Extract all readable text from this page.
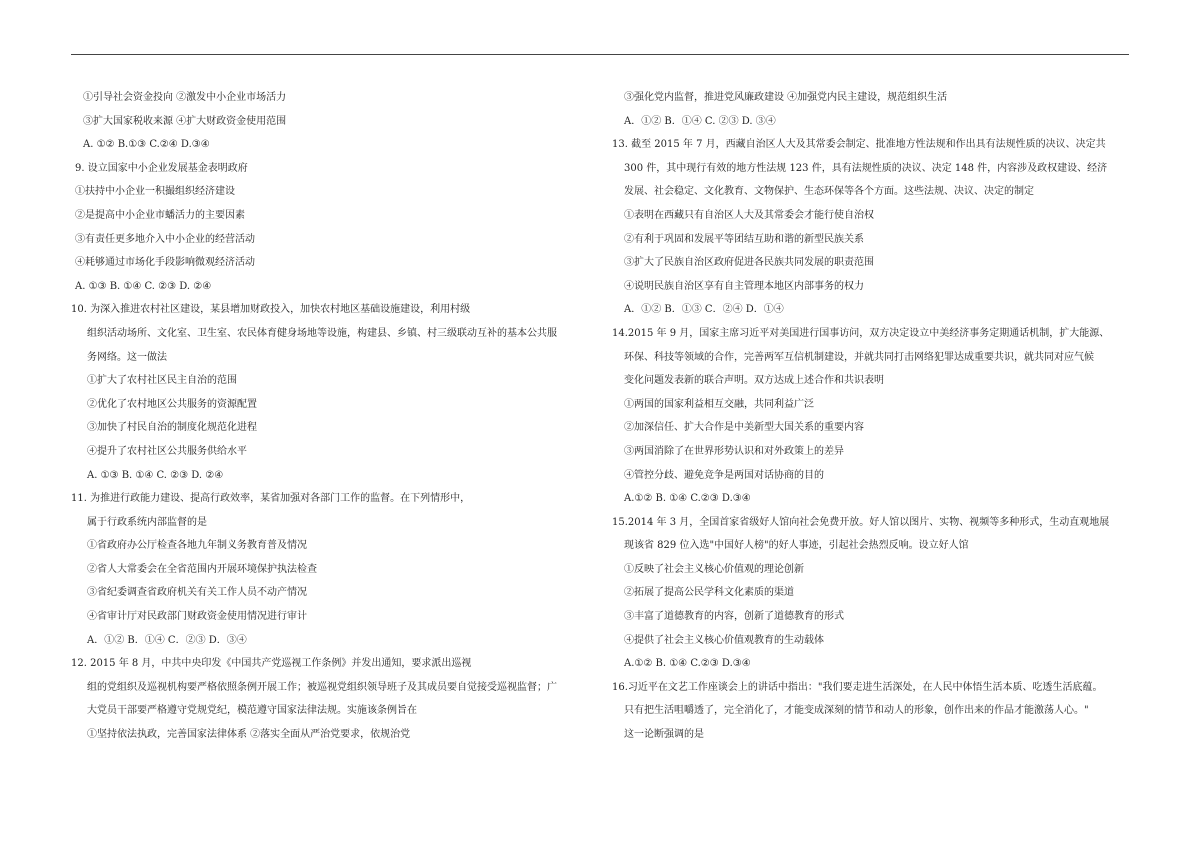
①引导社会资金投向 ②激发中小企业市场活力
③扩大国家税收来源 ④扩大财政资金使用范围
A. ①② B.①③ C.②④ D.③④
9. 设立国家中小企业发展基金表明政府
①扶持中小企业一积撮组织经济建设
②是提高中小企业市蟠活力的主要因素
③有责任更多地介入中小企业的经营活动
④耗够通过市场化手段影响微观经济活动
A. ①③ B. ①④ C. ②③ D. ②④
10. 为深入推进农村社区建设，某县增加财政投入，加快农村地区基础设施建设，利用村级
组织活动场所、文化室、卫生室、农民体育健身场地等设施，构建县、乡镇、村三级联动互补的基本公共服
务网络。这一做法
①扩大了农村社区民主自治的范围
②优化了农村地区公共服务的资源配置
③加快了村民自治的制度化规范化进程
④提升了农村社区公共服务供给水平
A. ①③ B. ①④ C. ②③ D. ②④
11. 为推进行政能力建设、提高行政效率，某省加强对各部门工作的监督。在下列情形中，
属于行政系统内部监督的是
①省政府办公厅检查各地九年制义务教育普及情况
②省人大常委会在全省范围内开展环境保护执法检查
③省纪委调查省政府机关有关工作人员不动产情况
④省审计厅对民政部门财政资金使用情况进行审计
A．①② B．①④ C．②③ D．③④
12. 2015 年 8 月，中共中央印发《中国共产党巡视工作条例》并发出通知，要求派出巡视
组的党组织及巡视机构要严格依照条例开展工作；被巡视党组织领导班子及其成员要自觉接受巡视监督；广
大党员干部要严格遵守党规党纪，模范遵守国家法律法规。实施该条例旨在
①坚持依法执政，完善国家法律体系 ②落实全面从严治党要求，依规治党
③强化党内监督，推进党风廉政建设 ④加强党内民主建设，规范组织生活
A．①② B．①④ C. ②③ D. ③④
13. 截至 2015 年 7 月，西藏自治区人大及其常委会制定、批准地方性法规和作出具有法规性质的决议、决定共
300 件，其中现行有效的地方性法规 123 件，具有法规性质的决议、决定 148 件，内容涉及政权建设、经济
发展、社会稳定、文化教育、文物保护、生态环保等各个方面。这些法规、决议、决定的制定
①表明在西藏只有自治区人大及其常委会才能行使自治权
②有利于巩固和发展平等团结互助和谐的新型民族关系
③扩大了民族自治区政府促进各民族共同发展的职责范围
④说明民族自治区享有自主管理本地区内部事务的权力
A．①② B．①③ C．②④ D．①④
14.2015 年 9 月，国家主席习近平对美国进行国事访问，双方决定设立中美经济事务定期通话机制，扩大能源、
环保、科技等领域的合作，完善两军互信机制建设，并就共同打击网络犯罪达成重要共识，就共同对应气候
变化问题发表新的联合声明。双方达成上述合作和共识表明
①两国的国家利益相互交融，共同利益广泛
②加深信任、扩大合作是中美新型大国关系的重要内容
③两国消除了在世界形势认识和对外政策上的差异
④管控分歧、避免竞争是两国对话协商的目的
A.①② B. ①④ C.②③ D.③④
15.2014 年 3 月，全国首家省级好人馆向社会免费开放。好人馆以图片、实物、视频等多种形式，生动直观地展
现该省 829 位入选"中国好人榜"的好人事迹，引起社会热烈反响。设立好人馆
①反映了社会主义核心价值观的理论创新
②拓展了提高公民学科文化素质的渠道
③丰富了道德教育的内容，创新了道德教育的形式
④提供了社会主义核心价值观教育的生动载体
A.①② B. ①④ C.②③ D.③④
16.习近平在文艺工作座谈会上的讲话中指出："我们要走进生活深处，在人民中体悟生活本质、吃透生活底蕴。
只有把生活咀嚼透了，完全消化了，才能变成深刻的情节和动人的形象，创作出来的作品才能激荡人心。"
这一论断强调的是
